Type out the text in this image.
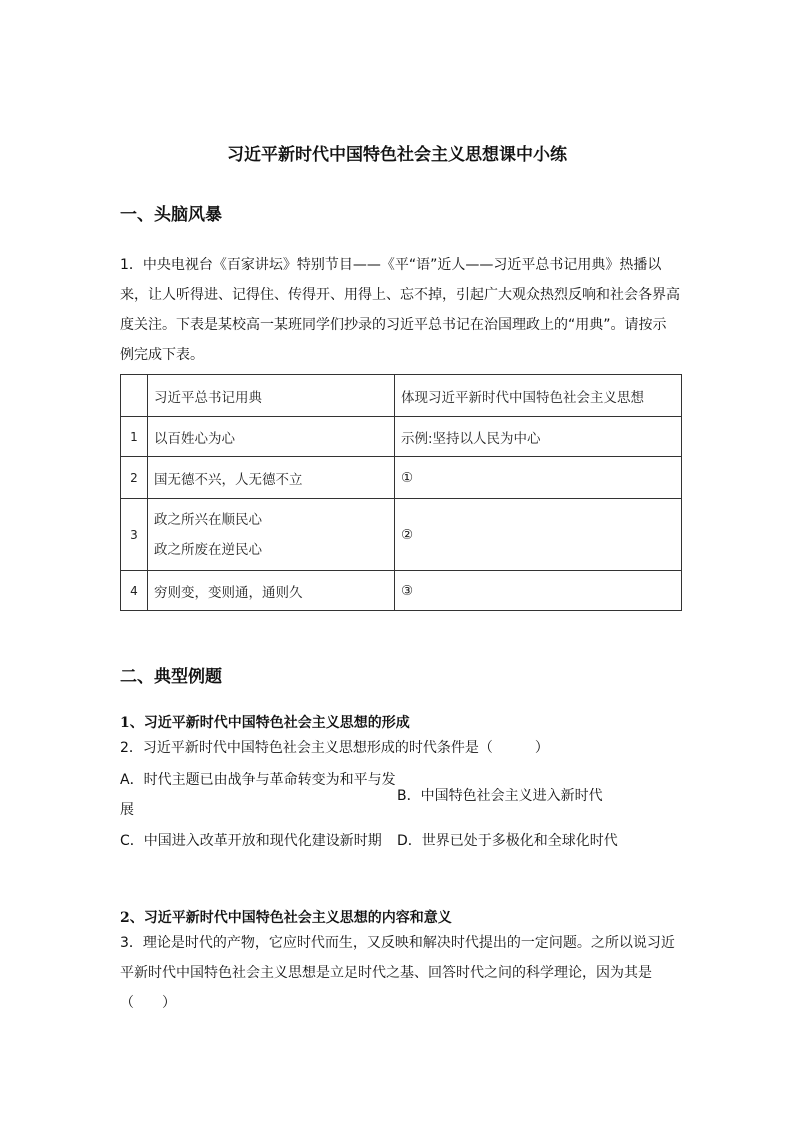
习近平新时代中国特色社会主义思想课中小练
一、头脑风暴
1．中央电视台《百家讲坛》特别节目——《平“语”近人——习近平总书记用典》热播以
来，让人听得进、记得住、传得开、用得上、忘不掉，引起广大观众热烈反响和社会各界高
度关注。下表是某校高一某班同学们抄录的习近平总书记在治国理政上的“用典”。请按示
例完成下表。
	习近平总书记用典	体现习近平新时代中国特色社会主义思想
1	以百姓心为心	示例:坚持以人民为中心
2	国无德不兴，人无德不立	①
3	政之所兴在顺民心
政之所废在逆民心	②
4	穷则变，变则通，通则久	③
二、典型例题
1、习近平新时代中国特色社会主义思想的形成
2．习近平新时代中国特色社会主义思想形成的时代条件是（　　　）
A．时代主题已由战争与革命转变为和平与发
展
B．中国特色社会主义进入新时代
C．中国进入改革开放和现代化建设新时期 D．世界已处于多极化和全球化时代
2、习近平新时代中国特色社会主义思想的内容和意义
3．理论是时代的产物，它应时代而生，又反映和解决时代提出的一定问题。之所以说习近
平新时代中国特色社会主义思想是立足时代之基、回答时代之问的科学理论，因为其是
（　　）
